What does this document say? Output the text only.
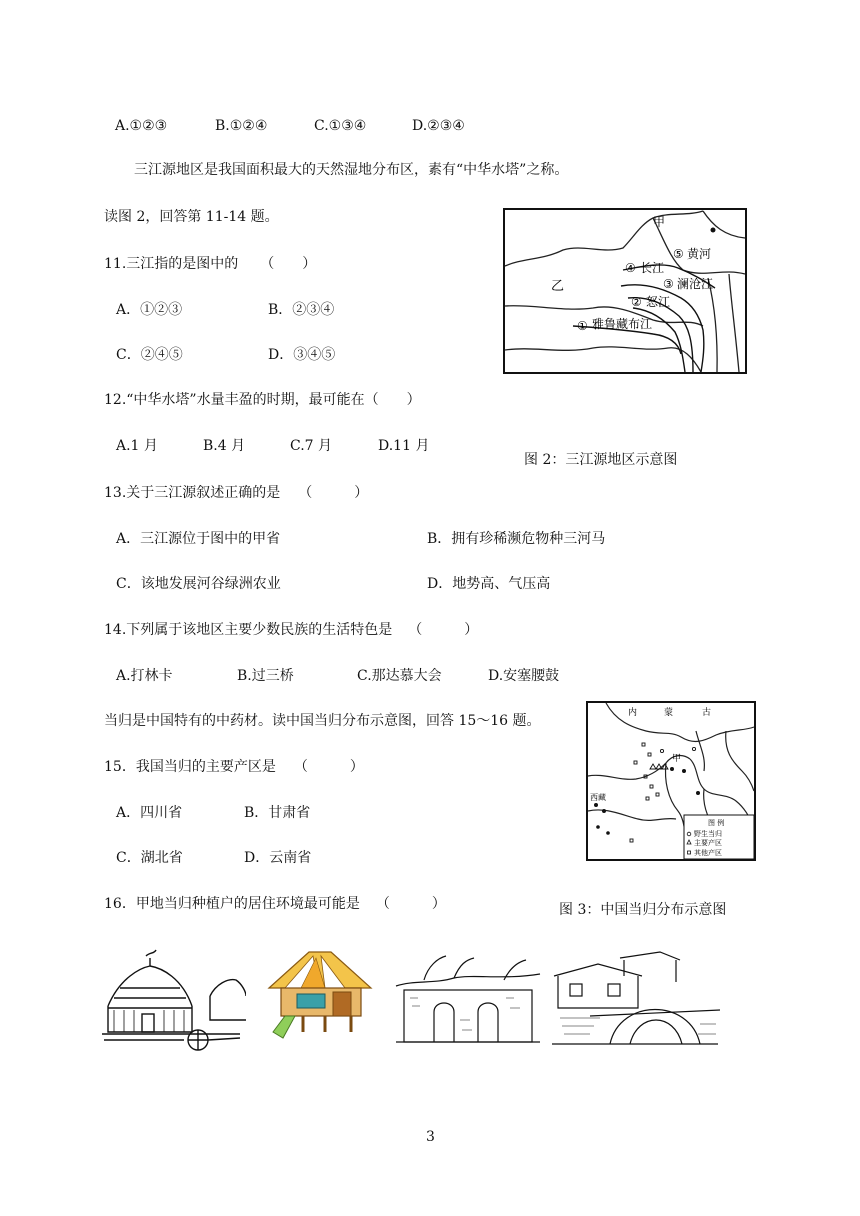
A.①②③	B.①②④	C.①③④	D.②③④
三江源地区是我国面积最大的天然湿地分布区，素有“中华水塔”之称。
读图 2，回答第 11-14 题。
11.三江指的是图中的 （　　）
A．①②③	B．②③④
C．②④⑤	D．③④⑤
甲
乙
⑤ 黄河
④ 长江
③ 澜沧江
② 怒江
① 雅鲁藏布江
12.“中华水塔”水量丰盈的时期，最可能在（　　）
A.1 月	B.4 月	C.7 月	D.11 月
图 2：三江源地区示意图
13.关于三江源叙述正确的是 （　　　）
A．三江源位于图中的甲省	B．拥有珍稀濒危物种三河马
C．该地发展河谷绿洲农业	D．地势高、气压高
14.下列属于该地区主要少数民族的生活特色是 （　　　）
A.打林卡	B.过三桥	C.那达慕大会	D.安塞腰鼓
当归是中国特有的中药材。读中国当归分布示意图，回答 15～16 题。	内	蒙	古
甲
西藏
图 例
野生当归
主要产区
其他产区
15．我国当归的主要产区是 （　　　）
A．四川省	B．甘肃省
C．湖北省	D．云南省
16．甲地当归种植户的居住环境最可能是 （　　　）	图 3：中国当归分布示意图
3
